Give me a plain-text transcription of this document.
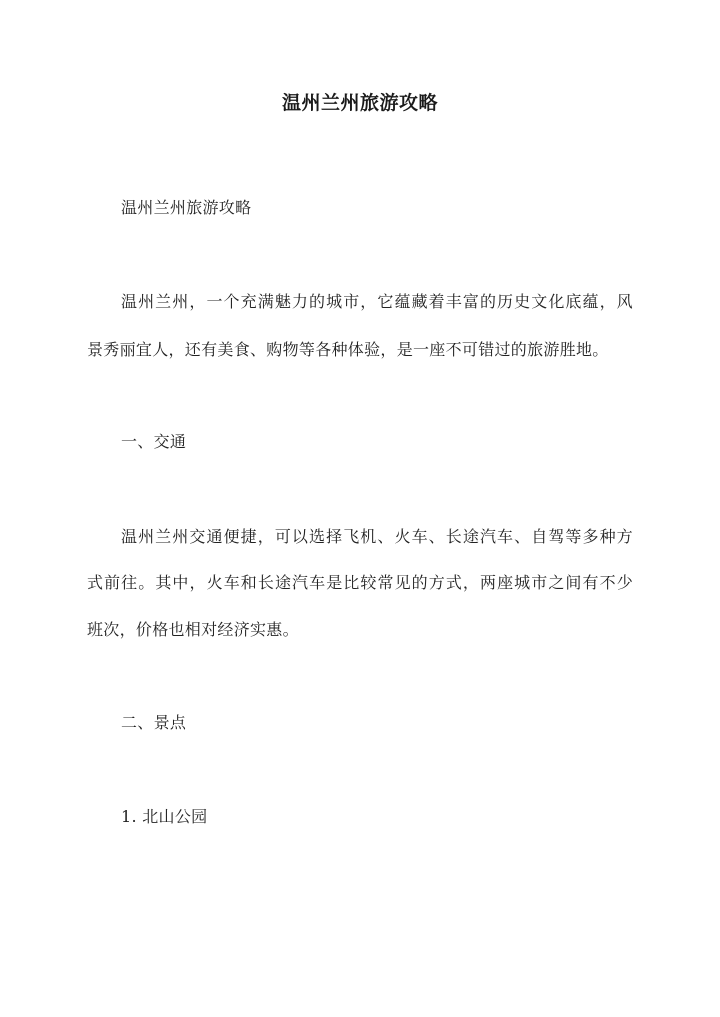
温州兰州旅游攻略
温州兰州旅游攻略
温州兰州，一个充满魅力的城市，它蕴藏着丰富的历史文化底蕴，风
景秀丽宜人，还有美食、购物等各种体验，是一座不可错过的旅游胜地。
一、交通
温州兰州交通便捷，可以选择飞机、火车、长途汽车、自驾等多种方
式前往。其中，火车和长途汽车是比较常见的方式，两座城市之间有不少
班次，价格也相对经济实惠。
二、景点
1. 北山公园
